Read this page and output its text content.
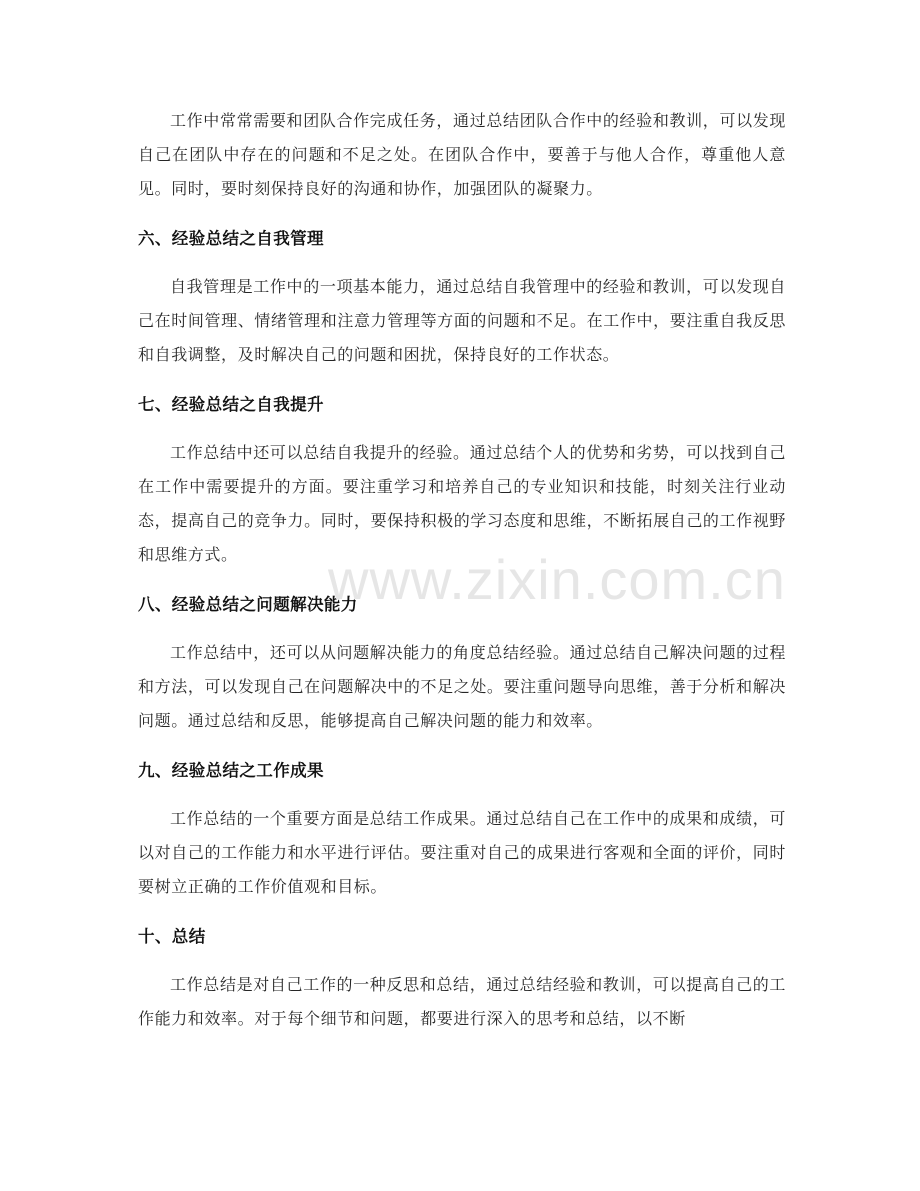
工作中常常需要和团队合作完成任务，通过总结团队合作中的经验和教训，可以发现自己在团队中存在的问题和不足之处。在团队合作中，要善于与他人合作，尊重他人意见。同时，要时刻保持良好的沟通和协作，加强团队的凝聚力。

六、经验总结之自我管理

自我管理是工作中的一项基本能力，通过总结自我管理中的经验和教训，可以发现自己在时间管理、情绪管理和注意力管理等方面的问题和不足。在工作中，要注重自我反思和自我调整，及时解决自己的问题和困扰，保持良好的工作状态。

七、经验总结之自我提升

工作总结中还可以总结自我提升的经验。通过总结个人的优势和劣势，可以找到自己在工作中需要提升的方面。要注重学习和培养自己的专业知识和技能，时刻关注行业动态，提高自己的竞争力。同时，要保持积极的学习态度和思维，不断拓展自己的工作视野和思维方式。

八、经验总结之问题解决能力

工作总结中，还可以从问题解决能力的角度总结经验。通过总结自己解决问题的过程和方法，可以发现自己在问题解决中的不足之处。要注重问题导向思维，善于分析和解决问题。通过总结和反思，能够提高自己解决问题的能力和效率。

九、经验总结之工作成果

工作总结的一个重要方面是总结工作成果。通过总结自己在工作中的成果和成绩，可以对自己的工作能力和水平进行评估。要注重对自己的成果进行客观和全面的评价，同时要树立正确的工作价值观和目标。

十、总结

工作总结是对自己工作的一种反思和总结，通过总结经验和教训，可以提高自己的工作能力和效率。对于每个细节和问题，都要进行深入的思考和总结，以不断

www.zixin.com.cn
